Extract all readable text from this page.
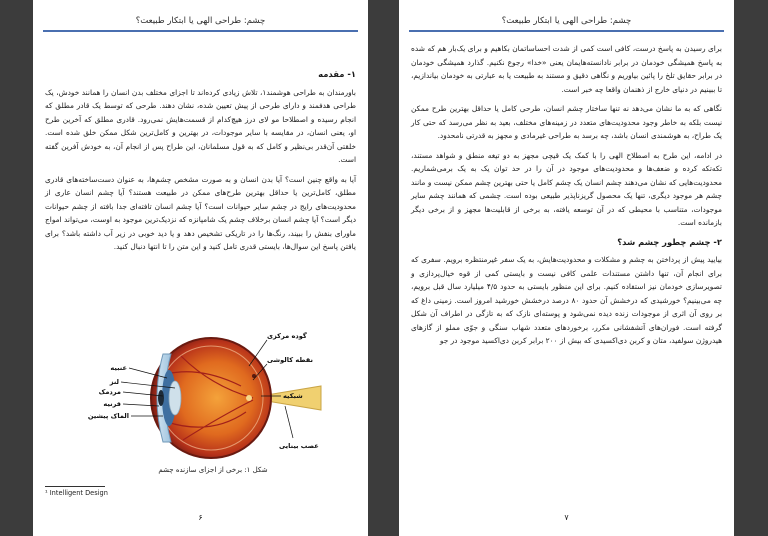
چشم: طراحی الهی یا ابتکار طبیعت؟
۱- مقدمه

باورمندان به طراحی هوشمند۱، تلاش زیادی کرده‌اند تا اجزای مختلف بدن انسان را همانند خودش، یک طراحی هدفمند و دارای طرحی از پیش تعیین شده، نشان دهند. طرحی که توسط یک قادر مطلق که انجام رسیده و اصطلاحا مو لای درز هیچ‌کدام از قسمت‌هایش نمی‌رود. قادری مطلق که آخرین طرح او، یعنی انسان، در مقایسه با سایر موجودات، در بهترین و کامل‌ترین شکل ممکن خلق شده است. خلقتی آن‌قدر بی‌نظیر و کامل که به قول مسلمانان، این طراح پس از انجام آن، به خودش آفرین گفته است.

آیا به واقع چنین است؟ آیا بدن انسان و به صورت مشخص چشم‌ها، به عنوان دست‌ساخته‌های قادری مطلق، کامل‌ترین یا حداقل بهترین طرح‌های ممکن در طبیعت هستند؟ آیا چشم انسان عاری از محدودیت‌های رایج در چشم سایر حیوانات است؟ آیا چشم انسان تافته‌ای جدا بافته از چشم حیوانات دیگر است؟ آیا چشم انسان برخلاف چشم یک شامپانزه که نزدیک‌ترین موجود به اوست، می‌تواند امواج ماورای بنفش را ببیند، رنگ‌ها را در تاریکی تشخیص دهد و یا دید خوبی در زیر آب داشته باشد؟ برای یافتن پاسخ این سوال‌ها، بایستی قدری تامل کنید و این متن را تا انتها دنبال کنید.

گوده مرکزی
نقطه کالوشی
شبکیه
عصب بینایی
عنبیه
لنز
مردمک
قرنیه
الماک پیشین
شکل ۱: برخی از اجزای سازنده چشم
¹ Intelligent Design
۶
چشم: طراحی الهی یا ابتکار طبیعت؟

برای رسیدن به پاسخ درست، کافی است کمی از شدت احساساتمان بکاهیم و برای یک‌بار هم که شده به پاسخ همیشگی خودمان در برابر نادانسته‌هایمان یعنی «خدا» رجوع نکنیم. گذارد همیشگی خودمان در برابر حقایق تلخ را پائین بیاوریم و نگاهی دقیق و مستند به طبیعت یا به عبارتی به خودمان بیاندازیم، تا ببینیم در دنیای خارج از ذهنمان واقعا چه خبر است.

نگاهی که به ما نشان می‌دهد نه تنها ساختار چشم انسان، طرحی کامل یا حداقل بهترین طرح ممکن نیست بلکه به خاطر وجود محدودیت‌های متعدد در زمینه‌های مختلف، بعید به نظر می‌رسد که حتی کار یک طراح، به هوشمندی انسان باشد، چه برسد به طراحی غیرمادی و مجهز به قدرتی نامحدود.

در ادامه، این طرح به اصطلاح الهی را با کمک یک قیچی مجهز به دو تیغه منطق و شواهد مستند، تکه‌تکه کرده و ضعف‌ها و محدودیت‌های موجود در آن را در حد توان یک به یک برمی‌شماریم. محدودیت‌هایی که نشان می‌دهند چشم انسان یک چشم کامل یا حتی بهترین چشم ممکن نیست و مانند چشم هر موجود دیگری، تنها یک محصول گریزناپذیر طبیعی بوده است. چشمی که همانند چشم سایر موجودات، متناسب با محیطی که در آن توسعه یافته، به برخی از قابلیت‌ها مجهز و از برخی دیگر بازمانده است.

۲- چشم چطور چشم شد؟

بیایید پیش از پرداختن به چشم و مشکلات و محدودیت‌هایش، به یک سفر غیرمنتظره برویم. سفری که برای انجام آن، تنها داشتن مستندات علمی کافی نیست و بایستی کمی از قوه خیال‌پردازی و تصویرسازی خودمان نیز استفاده کنیم. برای این منظور بایستی به حدود ۴/۵ میلیارد سال قبل برویم، چه می‌بینیم؟ خورشیدی که درخشش آن حدود ۸۰ درصد درخشش خورشید امروز است. زمینی داغ که بر روی آن اثری از موجودات زنده دیده نمی‌شود و پوسته‌ای نازک که به تازگی در اطراف آن شکل گرفته است. فوران‌های آتشفشانی مکرر، برخوردهای متعدد شهاب سنگی و جوّی مملو از گازهای هیدروژن سولفید، متان و کربن دی‌اکسیدی که بیش از ۲۰۰ برابر کربن دی‌اکسید موجود در جو

۷
